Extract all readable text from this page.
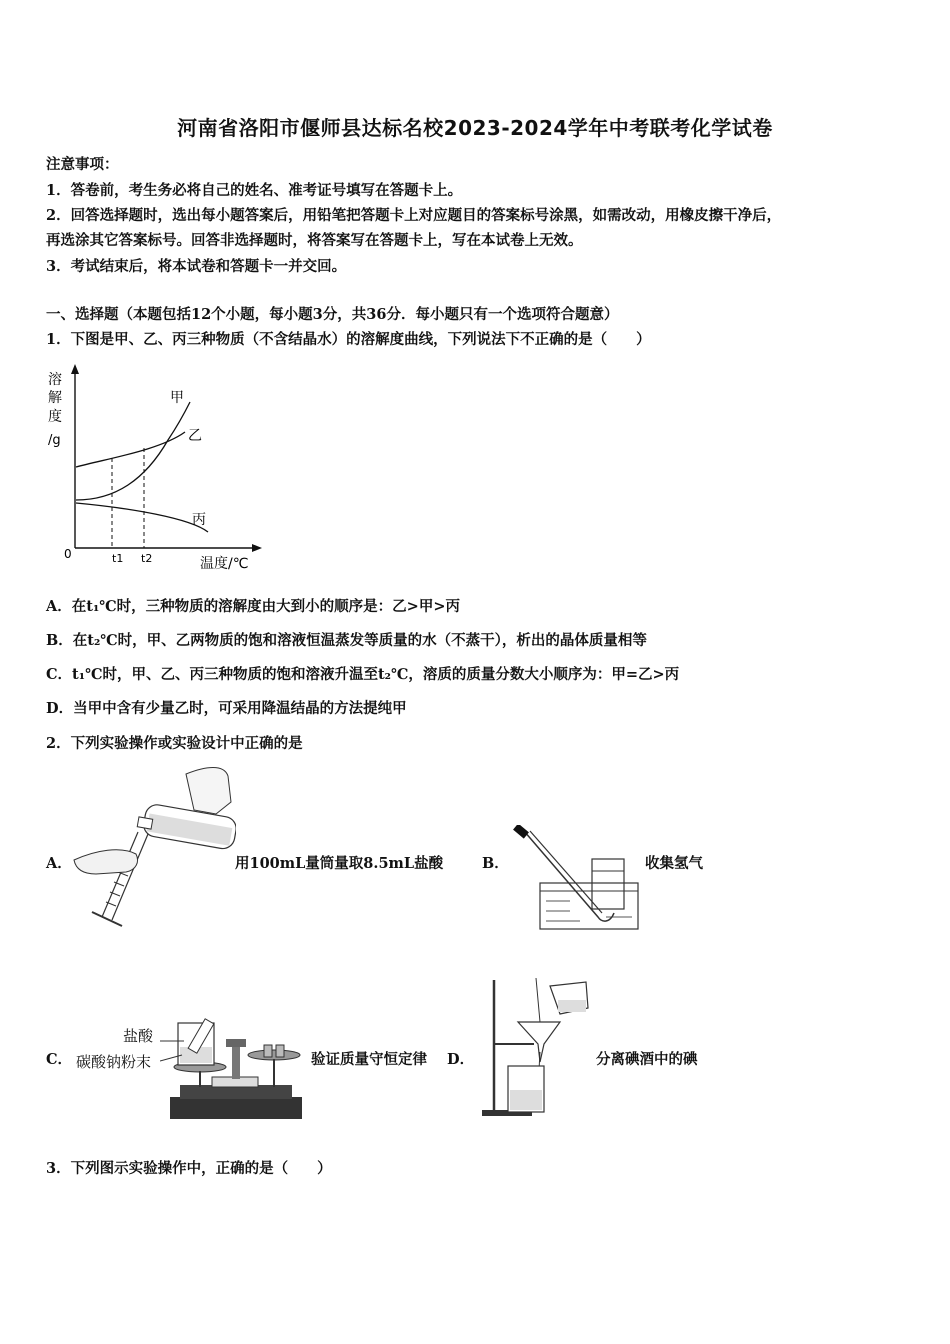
河南省洛阳市偃师县达标名校2023-2024学年中考联考化学试卷
注意事项：
1．答卷前，考生务必将自己的姓名、准考证号填写在答题卡上。
2．回答选择题时，选出每小题答案后，用铅笔把答题卡上对应题目的答案标号涂黑，如需改动，用橡皮擦干净后，
再选涂其它答案标号。回答非选择题时，将答案写在答题卡上，写在本试卷上无效。
3．考试结束后，将本试卷和答题卡一并交回。
一、选择题（本题包括12个小题，每小题3分，共36分．每小题只有一个选项符合题意）
1．下图是甲、乙、丙三种物质（不含结晶水）的溶解度曲线，下列说法下不正确的是（　　）
溶
解
度
/g
0
甲
乙
丙
t1 t2	温度/℃
A．在t₁℃时，三种物质的溶解度由大到小的顺序是：乙>甲>丙
B．在t₂℃时，甲、乙两物质的饱和溶液恒温蒸发等质量的水（不蒸干），析出的晶体质量相等
C．t₁℃时，甲、乙、丙三种物质的饱和溶液升温至t₂℃，溶质的质量分数大小顺序为：甲=乙>丙
D．当甲中含有少量乙时，可采用降温结晶的方法提纯甲
2．下列实验操作或实验设计中正确的是
A．	用100mL量筒量取8.5mL盐酸	B．	收集氢气
C．
盐酸
碳酸钠粉末	验证质量守恒定律 D．	分离碘酒中的碘
3．下列图示实验操作中，正确的是（　　）
